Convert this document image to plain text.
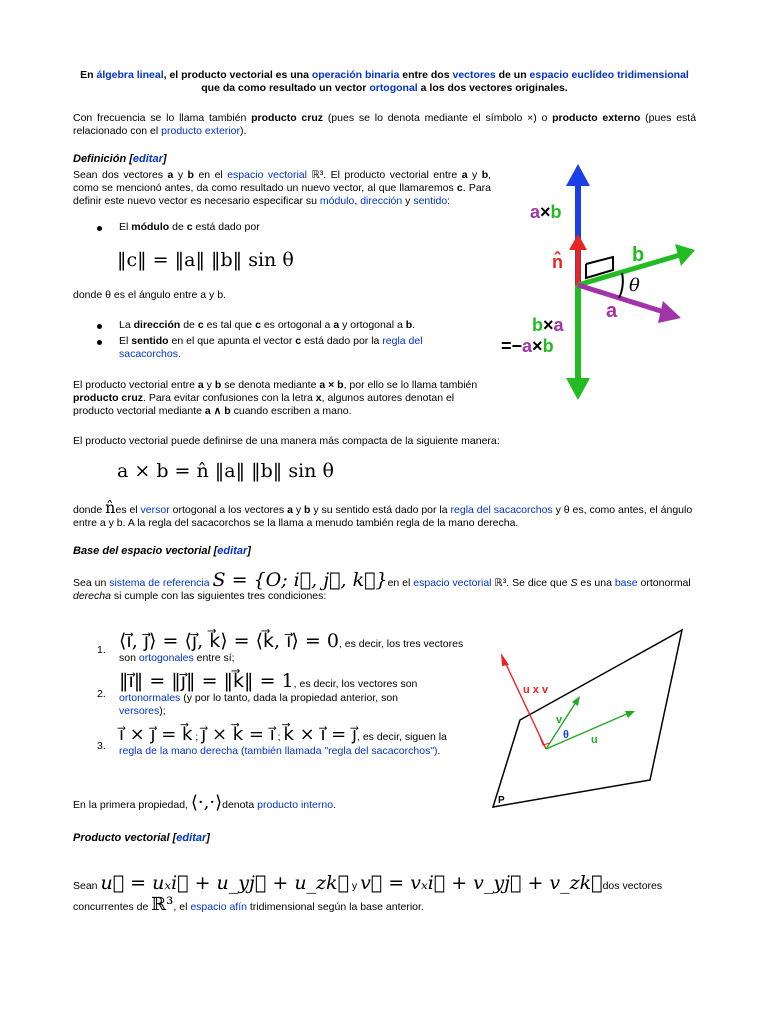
En álgebra lineal, el producto vectorial es una operación binaria entre dos vectores de un espacio euclídeo tridimensional que da como resultado un vector ortogonal a los dos vectores originales.
Con frecuencia se lo llama también producto cruz (pues se lo denota mediante el símbolo ×) o producto externo (pues está relacionado con el producto exterior).
Definición [editar]
Sean dos vectores a y b en el espacio vectorial ℝ³. El producto vectorial entre a y b, como se mencionó antes, da como resultado un nuevo vector, al que llamaremos c. Para definir este nuevo vector es necesario especificar su módulo, dirección y sentido:
El módulo de c está dado por
‖c‖ = ‖a‖ ‖b‖ sin θ
donde θ es el ángulo entre a y b.
La dirección de c es tal que c es ortogonal a a y ortogonal a b.
El sentido en el que apunta el vector c está dado por la regla del sacacorchos.
El producto vectorial entre a y b se denota mediante a × b, por ello se lo llama también producto cruz. Para evitar confusiones con la letra x, algunos autores denotan el producto vectorial mediante a ∧ b cuando escriben a mano.
El producto vectorial puede definirse de una manera más compacta de la siguiente manera:
a × b = n̂ ‖a‖ ‖b‖ sin θ
donde n̂es el versor ortogonal a los vectores a y b y su sentido está dado por la regla del sacacorchos y θ es, como antes, el ángulo entre a y b. A la regla del sacacorchos se la llama a menudo también regla de la mano derecha.
a×b
n̂	b
θ
a
b×a
=−a×b
Base del espacio vectorial [editar]
Sea un sistema de referencia S = {O; i⃗, j⃗, k⃗}en el espacio vectorial ℝ³. Se dice que S es una base ortonormal
derecha si cumple con las siguientes tres condiciones:
1. ⟨i⃗, j⃗⟩ = ⟨j⃗, k⃗⟩ = ⟨k⃗, i⃗⟩ = 0, es decir, los tres vectores
son ortogonales entre sí;
2.
‖i⃗‖ = ‖j⃗‖ = ‖k⃗‖ = 1, es decir, los vectores son
ortonormales (y por lo tanto, dada la propiedad anterior, son versores);
3.
i⃗ × j⃗ = k⃗ ; j⃗ × k⃗ = i⃗ ; k⃗ × i⃗ = j⃗, es decir, siguen la
regla de la mano derecha (también llamada "regla del sacacorchos").
En la primera propiedad, ⟨·,·⟩denota producto interno.
u x v
v
θ u
P
Producto vectorial [editar]
Sean u⃗ = uₓi⃗ + u_yj⃗ + u_zk⃗ y v⃗ = vₓi⃗ + v_yj⃗ + v_zk⃗dos vectores concurrentes de ℝ³, el espacio afín tridimensional según la base anterior.
